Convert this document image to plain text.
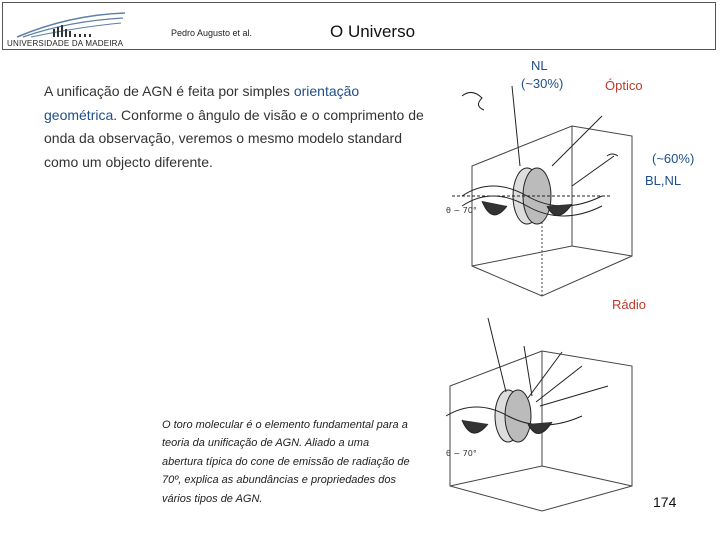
UNIVERSIDADE DA MADEIRA
Pedro Augusto et al.	O Universo
A unificação de AGN é feita por simples orientação geométrica. Conforme o ângulo de visão e o comprimento de onda da observação, veremos o mesmo modelo standard como um objecto diferente.
O toro molecular é o elemento fundamental para a teoria da unificação de AGN. Aliado a uma abertura típica do cone de emissão de radiação de 70º, explica as abundâncias e propriedades dos vários tipos de AGN.
θ ~ 70°
θ ~ 70°
NL
(~30%)	Óptico
(~60%)
BL,NL
Rádio
174
